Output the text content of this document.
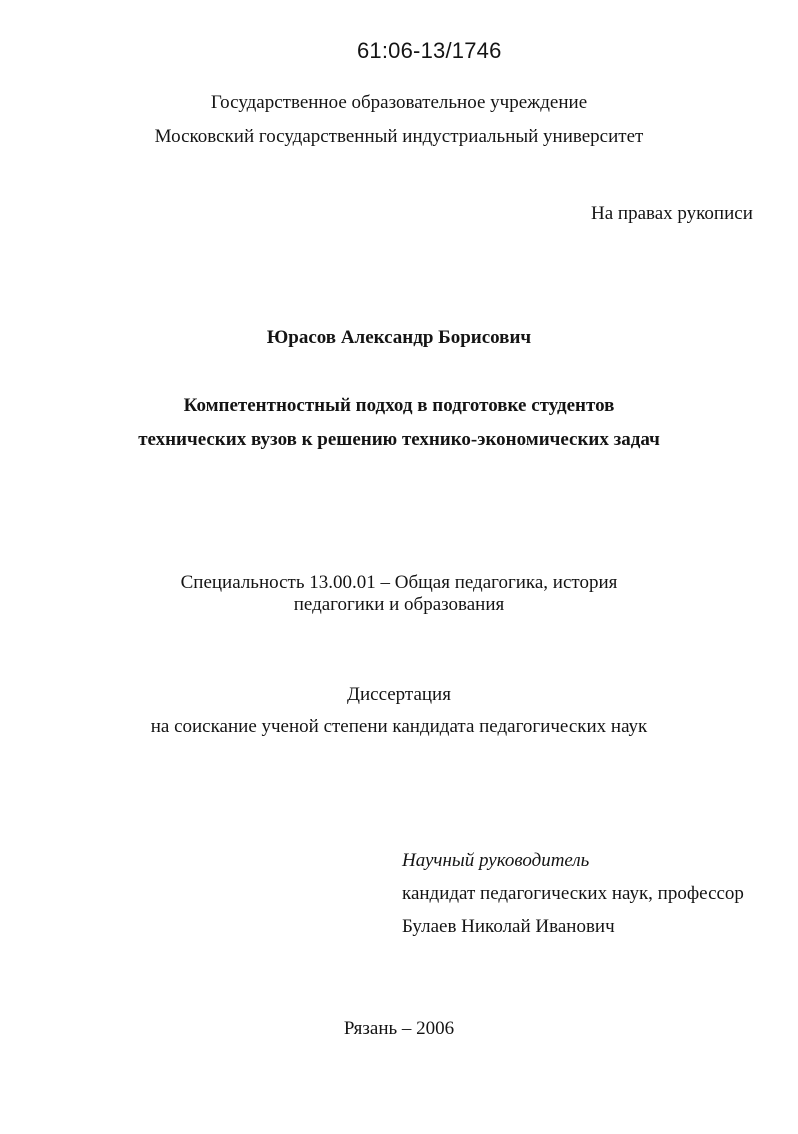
61:06-13/1746
Государственное образовательное учреждение
Московский государственный индустриальный университет
На правах рукописи
Юрасов Александр Борисович
Компетентностный подход в подготовке студентов
технических вузов к решению технико-экономических задач
Специальность 13.00.01 – Общая педагогика, история
педагогики и образования
Диссертация
на соискание ученой степени кандидата педагогических наук
Научный руководитель
кандидат педагогических наук, профессор
Булаев Николай Иванович
Рязань – 2006
